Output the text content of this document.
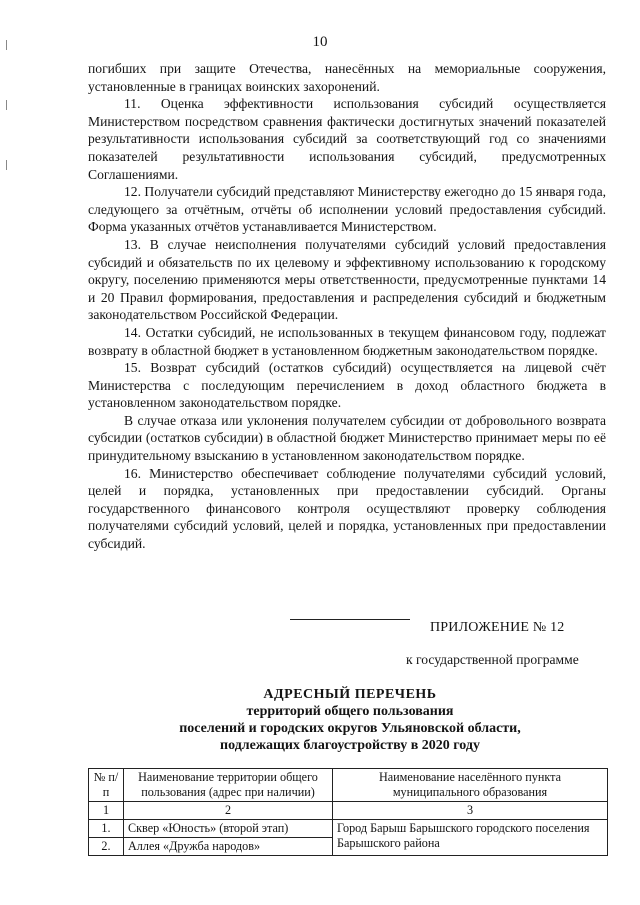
10

погибших при защите Отечества, нанесённых на мемориальные сооружения, установленные в границах воинских захоронений.

11. Оценка эффективности использования субсидий осуществляется Министерством посредством сравнения фактически достигнутых значений показателей результативности использования субсидий за соответствующий год со значениями показателей результативности использования субсидий, предусмотренных Соглашениями.

12. Получатели субсидий представляют Министерству ежегодно до 15 января года, следующего за отчётным, отчёты об исполнении условий предоставления субсидий. Форма указанных отчётов устанавливается Министерством.

13. В случае неисполнения получателями субсидий условий предоставления субсидий и обязательств по их целевому и эффективному использованию к городскому округу, поселению применяются меры ответственности, предусмотренные пунктами 14 и 20 Правил формирования, предоставления и распределения субсидий и бюджетным законодательством Российской Федерации.

14. Остатки субсидий, не использованных в текущем финансовом году, подлежат возврату в областной бюджет в установленном бюджетным законодательством порядке.

15. Возврат субсидий (остатков субсидий) осуществляется на лицевой счёт Министерства с последующим перечислением в доход областного бюджета в установленном законодательством порядке.

В случае отказа или уклонения получателем субсидии от добровольного возврата субсидии (остатков субсидии) в областной бюджет Министерство принимает меры по её принудительному взысканию в установленном законодательством порядке.

16. Министерство обеспечивает соблюдение получателями субсидий условий, целей и порядка, установленных при предоставлении субсидий. Органы государственного финансового контроля осуществляют проверку соблюдения получателями субсидий условий, целей и порядка, установленных при предоставлении субсидий.

ПРИЛОЖЕНИЕ № 12
к государственной программе
АДРЕСНЫЙ ПЕРЕЧЕНЬ
территорий общего пользования
поселений и городских округов Ульяновской области,
подлежащих благоустройству в 2020 году
№ п/п	Наименование территории общего пользования (адрес при наличии)	Наименование населённого пункта муниципального образования
1	2	3
1.	Сквер «Юность» (второй этап)	Город Барыш Барышского городского поселения Барышского района
2.	Аллея «Дружба народов»	
